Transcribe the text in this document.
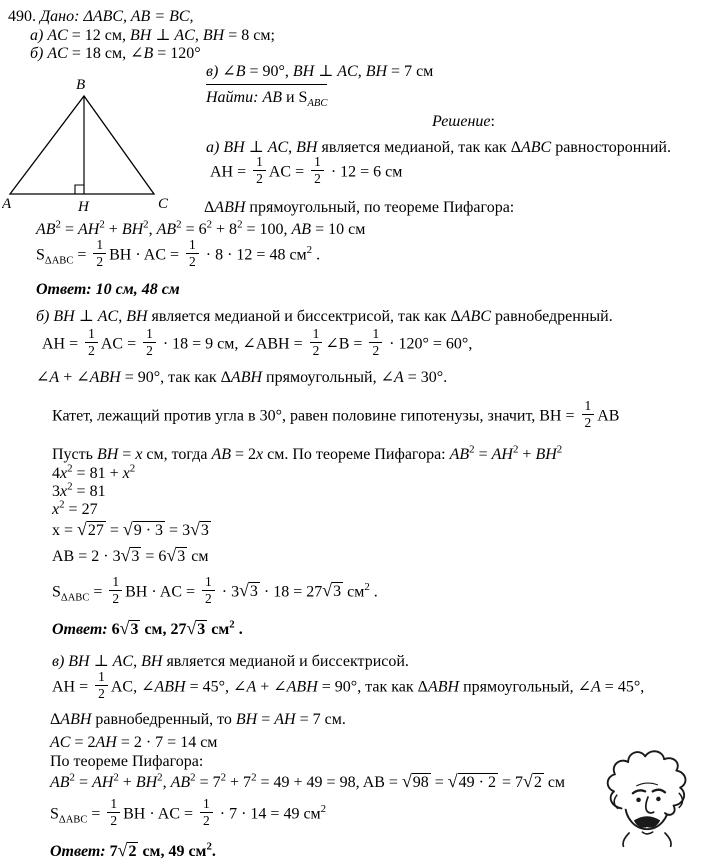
B
A	C
H
490. Дано: ΔABC, AB = BC,
а) AC = 12 см, BH ⊥ AC, BH = 8 см;
б) AC = 18 см, ∠B = 120°
в) ∠B = 90°, BH ⊥ AC, BH = 7 см
Найти: AB и $S_{ABC}$
Решение:
а) BH ⊥ AC, BH является медианой, так как ΔABC равносторонний.
AH = $\frac{1}{2}$ AC = $\frac{1}{2} \cdot 12 = 6$ см
ΔABH прямоугольный, по теореме Пифагора:
$AB^2 = AH^2 + BH^2$, $AB^2 = 6^2 + 8^2 = 100$, AB = 10 см
$S_{\Delta ABC} = \frac{1}{2}$ BH · AC = $\frac{1}{2} \cdot 8 \cdot 12 = 48$ $см^2$ .
Ответ: 10 см, 48 см
б) BH ⊥ AC, BH является медианой и биссектрисой, так как ΔABC равнобедренный.
AH = $\frac{1}{2}$ AC = $\frac{1}{2} \cdot 18 = 9$ см, ∠ABH = $\frac{1}{2}$ ∠B = $\frac{1}{2} \cdot 120^\circ = 60^\circ$,
∠A + ∠ABH = 90°, так как ΔABH прямоугольный, ∠A = 30°.
Катет, лежащий против угла в 30°, равен половине гипотенузы, значит, BH = $\frac{1}{2}$ AB
Пусть BH = x см, тогда AB = 2x см. По теореме Пифагора: $AB^2 = AH^2 + BH^2$
$4x^2 = 81 + x^2$
$3x^2 = 81$
$x^2 = 27$
x = √27 = √9 · 3 = 3√3
AB = 2 · 3√3 = 6√3 см
$S_{\Delta ABC} = \frac{1}{2}$ BH · AC = $\frac{1}{2} \cdot 3√3 \cdot 18 = 27√3$ $см^2$ .
Ответ: 6√3 см, 27√3 $см^2$ .
в) BH ⊥ AC, BH является медианой и биссектрисой.
AH = $\frac{1}{2}$ AC, ∠ABH = 45°, ∠A + ∠ABH = 90°, так как ΔABH прямоугольный, ∠A = 45°,
ΔABH равнобедренный, то BH = AH = 7 см.
AC = 2AH = 2 · 7 = 14 см
По теореме Пифагора:
$AB^2 = AH^2 + BH^2$, $AB^2 = 7^2 + 7^2 = 49 + 49 = 98$, AB = √98 = √49 · 2 = 7√2 см
$S_{\Delta ABC} = \frac{1}{2}$ BH · AC = $\frac{1}{2} \cdot 7 \cdot 14 = 49$ $см^2$
Ответ: 7√2 см, 49 $см^2$.
